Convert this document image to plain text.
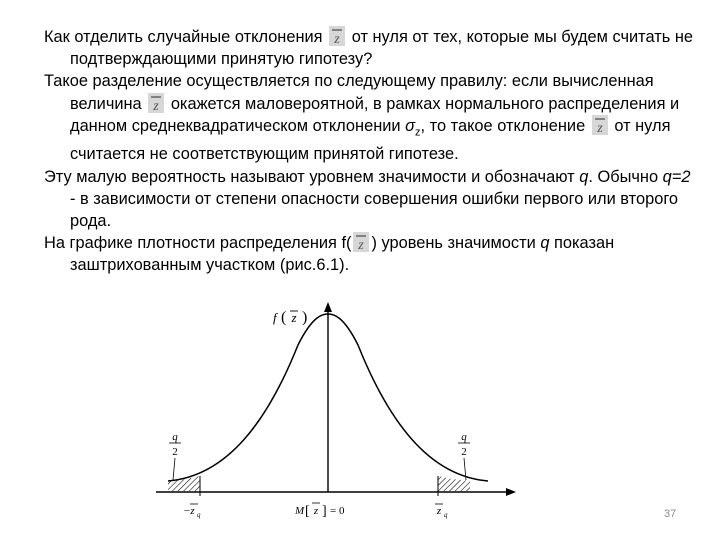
Как отделить случайные отклонения z от нуля от тех, которые мы будем считать не подтверждающими принятую гипотезу?

Такое разделение осуществляется по следующему правилу: если вычисленная величина z окажется маловероятной, в рамках нормального распределения и данном среднеквадратическом отклонении $\sigma_z$, то такое отклонение z от нуля считается не соответствующим принятой гипотезе.

Эту малую вероятность называют уровнем значимости и обозначают q. Обычно q=2 - в зависимости от степени опасности совершения ошибки первого или второго рода.

На графике плотности распределения f( z ) уровень значимости q показан заштрихованным участком (рис.6.1).

f ( z )
q
2
q
2
−z q	M [ z ] = 0	z q	37
